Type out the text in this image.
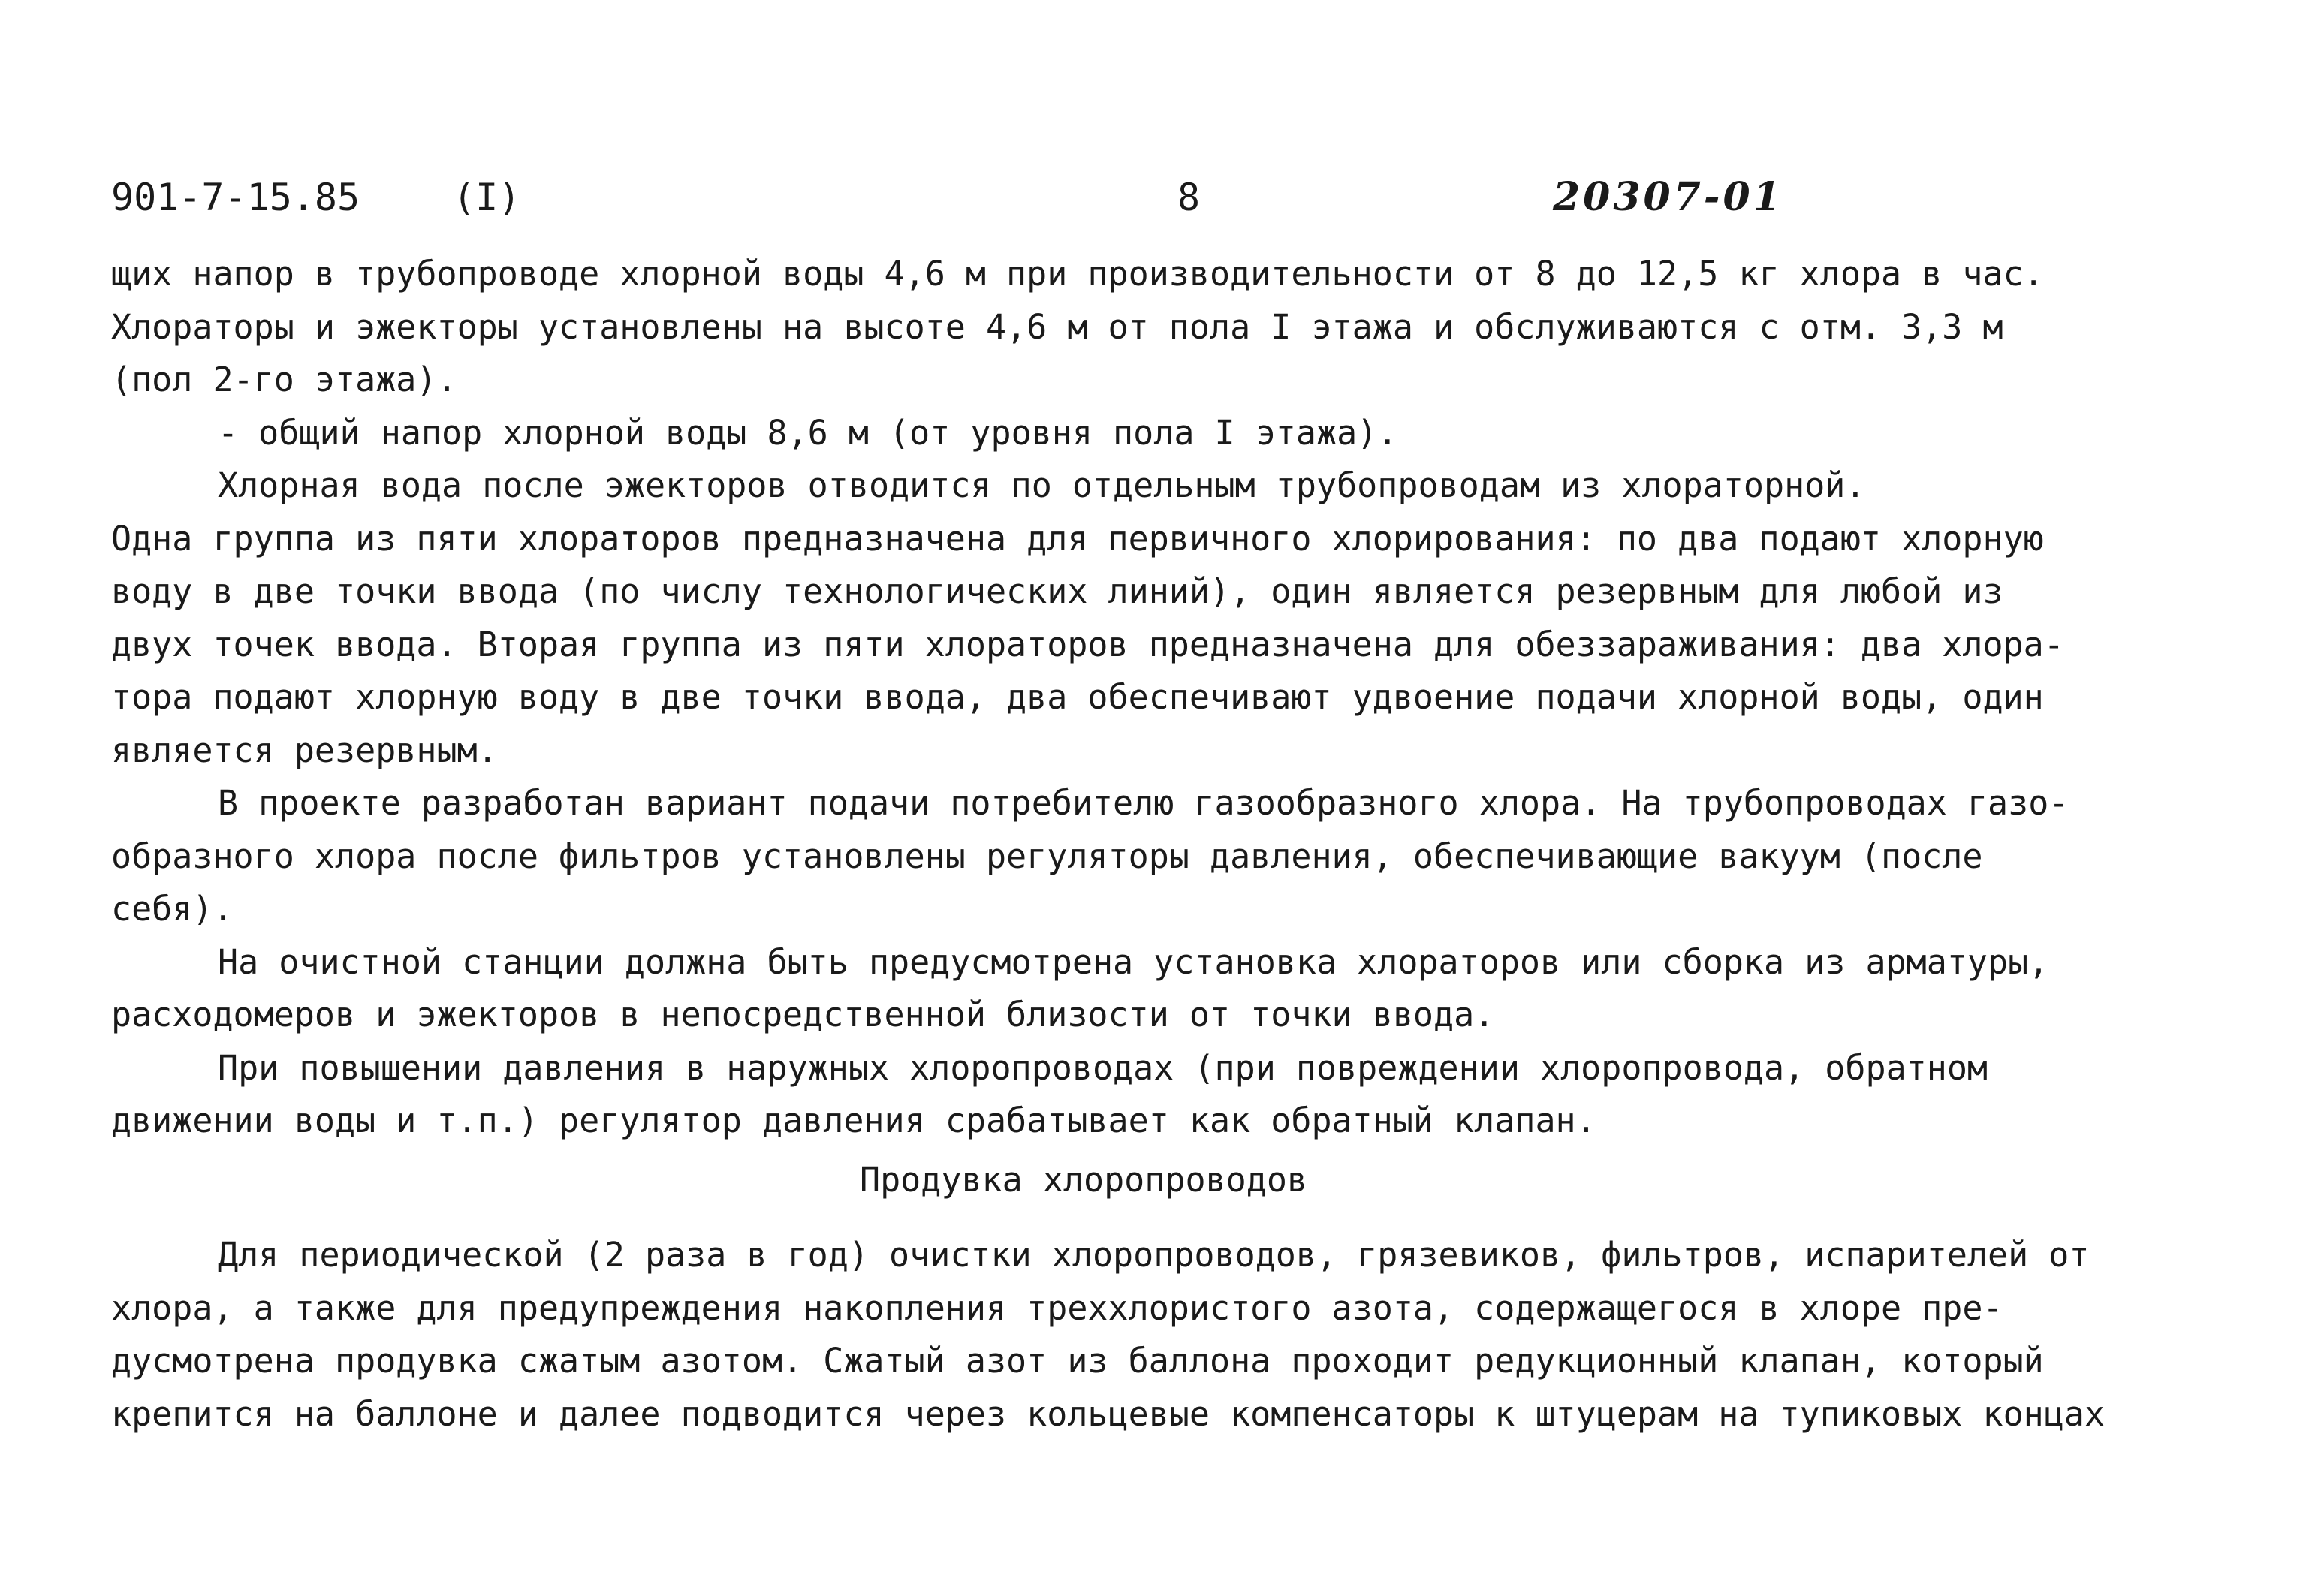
901-7-15.85 (I)	8	20307-01

щих напор в трубопроводе хлорной воды 4,6 м при производительности от 8 до 12,5 кг хлора в час.

Хлораторы и эжекторы установлены на высоте 4,6 м от пола I этажа и обслуживаются с отм. 3,3 м

(пол 2-го этажа).

- общий напор хлорной воды 8,6 м (от уровня пола I этажа).

Хлорная вода после эжекторов отводится по отдельным трубопроводам из хлораторной.

Одна группа из пяти хлораторов предназначена для первичного хлорирования: по два подают хлорную

воду в две точки ввода (по числу технологических линий), один является резервным для любой из

двух точек ввода. Вторая группа из пяти хлораторов предназначена для обеззараживания: два хлора-

тора подают хлорную воду в две точки ввода, два обеспечивают удвоение подачи хлорной воды, один

является резервным.

В проекте разработан вариант подачи потребителю газообразного хлора. На трубопроводах газо-

образного хлора после фильтров установлены регуляторы давления, обеспечивающие вакуум (после

себя).

На очистной станции должна быть предусмотрена установка хлораторов или сборка из арматуры,

расходомеров и эжекторов в непосредственной близости от точки ввода.

При повышении давления в наружных хлоропроводах (при повреждении хлоропровода, обратном

движении воды и т.п.) регулятор давления срабатывает как обратный клапан.

Продувка хлоропроводов

Для периодической (2 раза в год) очистки хлоропроводов, грязевиков, фильтров, испарителей от

хлора, а также для предупреждения накопления треххлористого азота, содержащегося в хлоре пре-

дусмотрена продувка сжатым азотом. Сжатый азот из баллона проходит редукционный клапан, который

крепится на баллоне и далее подводится через кольцевые компенсаторы к штуцерам на тупиковых концах
